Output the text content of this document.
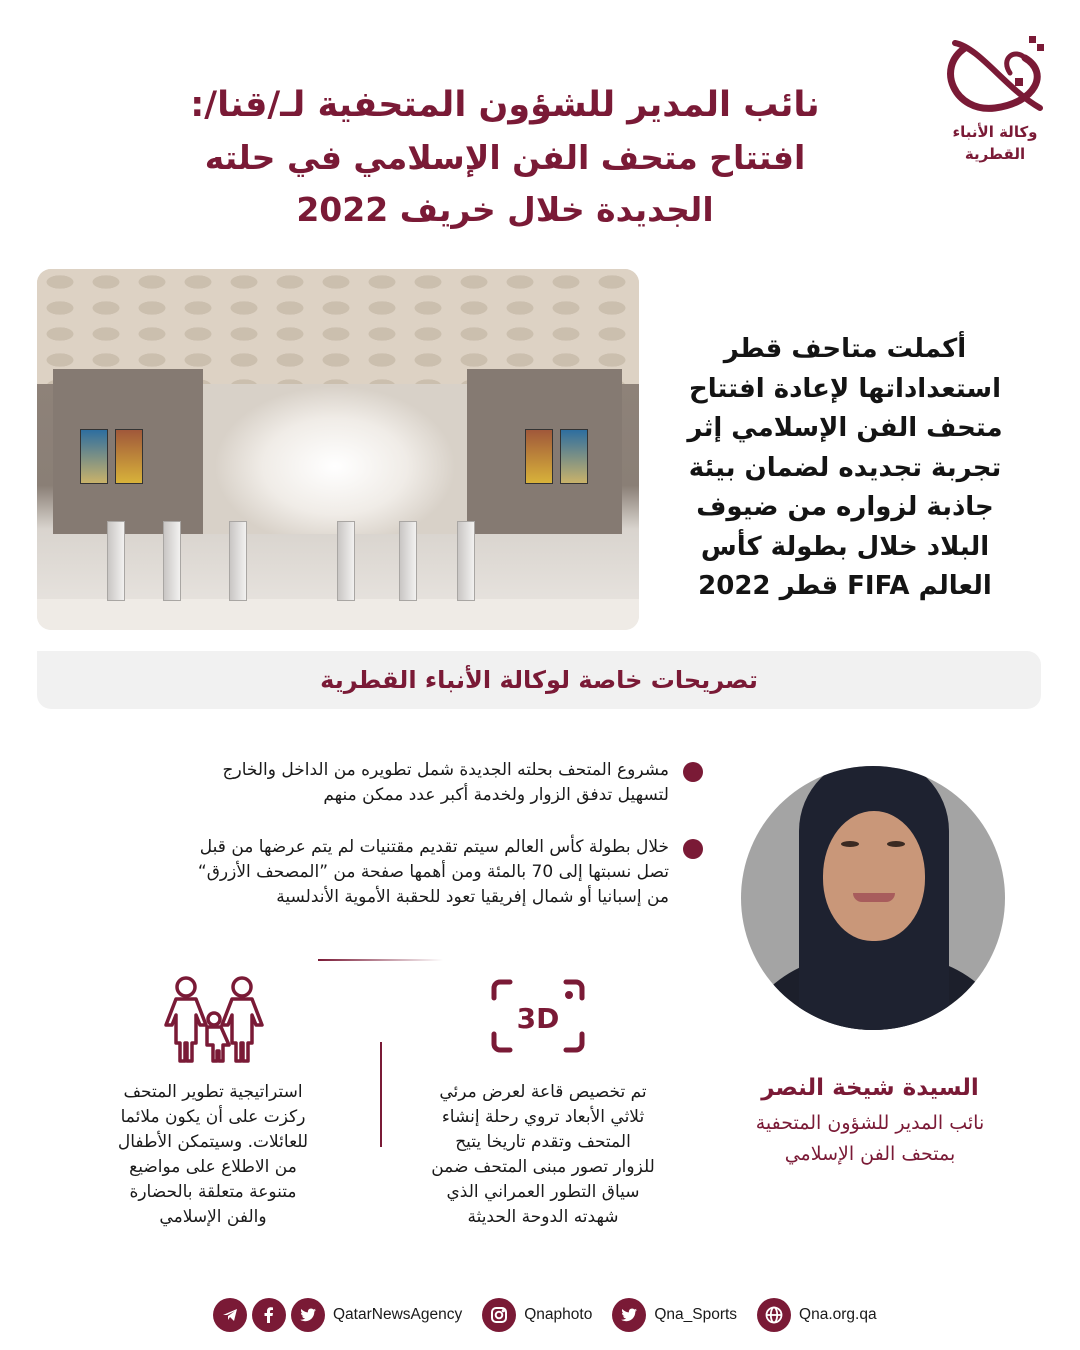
وكالة الأنباء
القطرية
نائب المدير للشؤون المتحفية لـ/قنا/:
افتتاح متحف الفن الإسلامي في حلته
الجديدة خلال خريف 2022
أكملت متاحف قطر
استعداداتها لإعادة افتتاح
متحف الفن الإسلامي إثر
تجربة تجديده لضمان بيئة
جاذبة لزواره من ضيوف
البلاد خلال بطولة كأس
العالم FIFA قطر 2022
تصريحات خاصة لوكالة الأنباء القطرية
مشروع المتحف بحلته الجديدة شمل تطويره من الداخل والخارج
لتسهيل تدفق الزوار ولخدمة أكبر عدد ممكن منهم
خلال بطولة كأس العالم سيتم تقديم مقتنيات لم يتم عرضها من قبل
تصل نسبتها إلى 70 بالمئة ومن أهمها صفحة من ”المصحف الأزرق“
من إسبانيا أو شمال إفريقيا تعود للحقبة الأموية الأندلسية
3D
استراتيجية تطوير المتحف
ركزت على أن يكون ملائما
للعائلات. وسيتمكن الأطفال
من الاطلاع على مواضيع
متنوعة متعلقة بالحضارة
والفن الإسلامي
تم تخصيص قاعة لعرض مرئي
ثلاثي الأبعاد تروي رحلة إنشاء
المتحف وتقدم تاريخا يتيح
للزوار تصور مبنى المتحف ضمن
سياق التطور العمراني الذي
شهدته الدوحة الحديثة
السيدة شيخة النصر
نائب المدير للشؤون المتحفية
بمتحف الفن الإسلامي
QatarNewsAgency	Qnaphoto	Qna_Sports	Qna.org.qa
